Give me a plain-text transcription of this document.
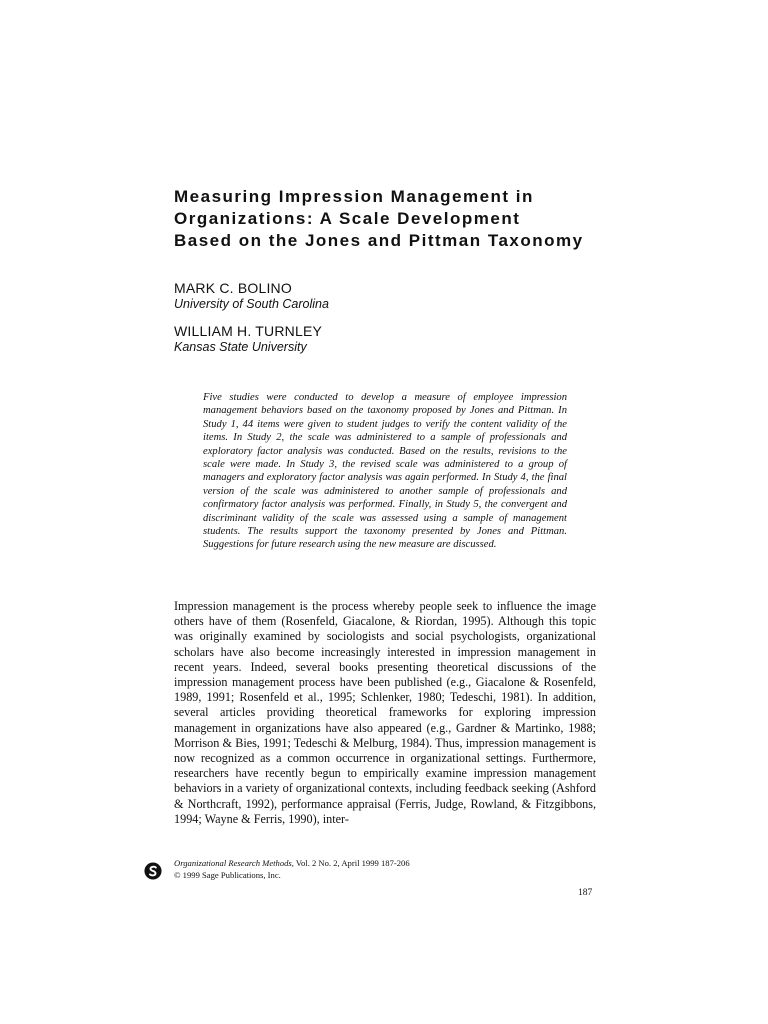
Measuring Impression Management in
Organizations: A Scale Development
Based on the Jones and Pittman Taxonomy
MARK C. BOLINO
University of South Carolina
WILLIAM H. TURNLEY
Kansas State University

Five studies were conducted to develop a measure of employee impression management behaviors based on the taxonomy proposed by Jones and Pittman. In Study 1, 44 items were given to student judges to verify the content validity of the items. In Study 2, the scale was administered to a sample of professionals and exploratory factor analysis was conducted. Based on the results, revisions to the scale were made. In Study 3, the revised scale was administered to a group of managers and exploratory factor analysis was again performed. In Study 4, the final version of the scale was administered to another sample of professionals and confirmatory factor analysis was performed. Finally, in Study 5, the convergent and discriminant validity of the scale was assessed using a sample of management students. The results support the taxonomy presented by Jones and Pittman. Suggestions for future research using the new measure are discussed.

Impression management is the process whereby people seek to influence the image others have of them (Rosenfeld, Giacalone, & Riordan, 1995). Although this topic was originally examined by sociologists and social psychologists, organizational scholars have also become increasingly interested in impression management in recent years. Indeed, several books presenting theoretical discussions of the impression management process have been published (e.g., Giacalone & Rosenfeld, 1989, 1991; Rosenfeld et al., 1995; Schlenker, 1980; Tedeschi, 1981). In addition, several articles providing theoretical frameworks for exploring impression management in organizations have also appeared (e.g., Gardner & Martinko, 1988; Morrison & Bies, 1991; Tedeschi & Melburg, 1984). Thus, impression management is now recognized as a common occurrence in organizational settings. Furthermore, researchers have recently begun to empirically examine impression management behaviors in a variety of organizational contexts, including feedback seeking (Ashford & Northcraft, 1992), performance appraisal (Ferris, Judge, Rowland, & Fitzgibbons, 1994; Wayne & Ferris, 1990), inter-

Organizational Research Methods, Vol. 2 No. 2, April 1999 187-206
© 1999 Sage Publications, Inc.
187
